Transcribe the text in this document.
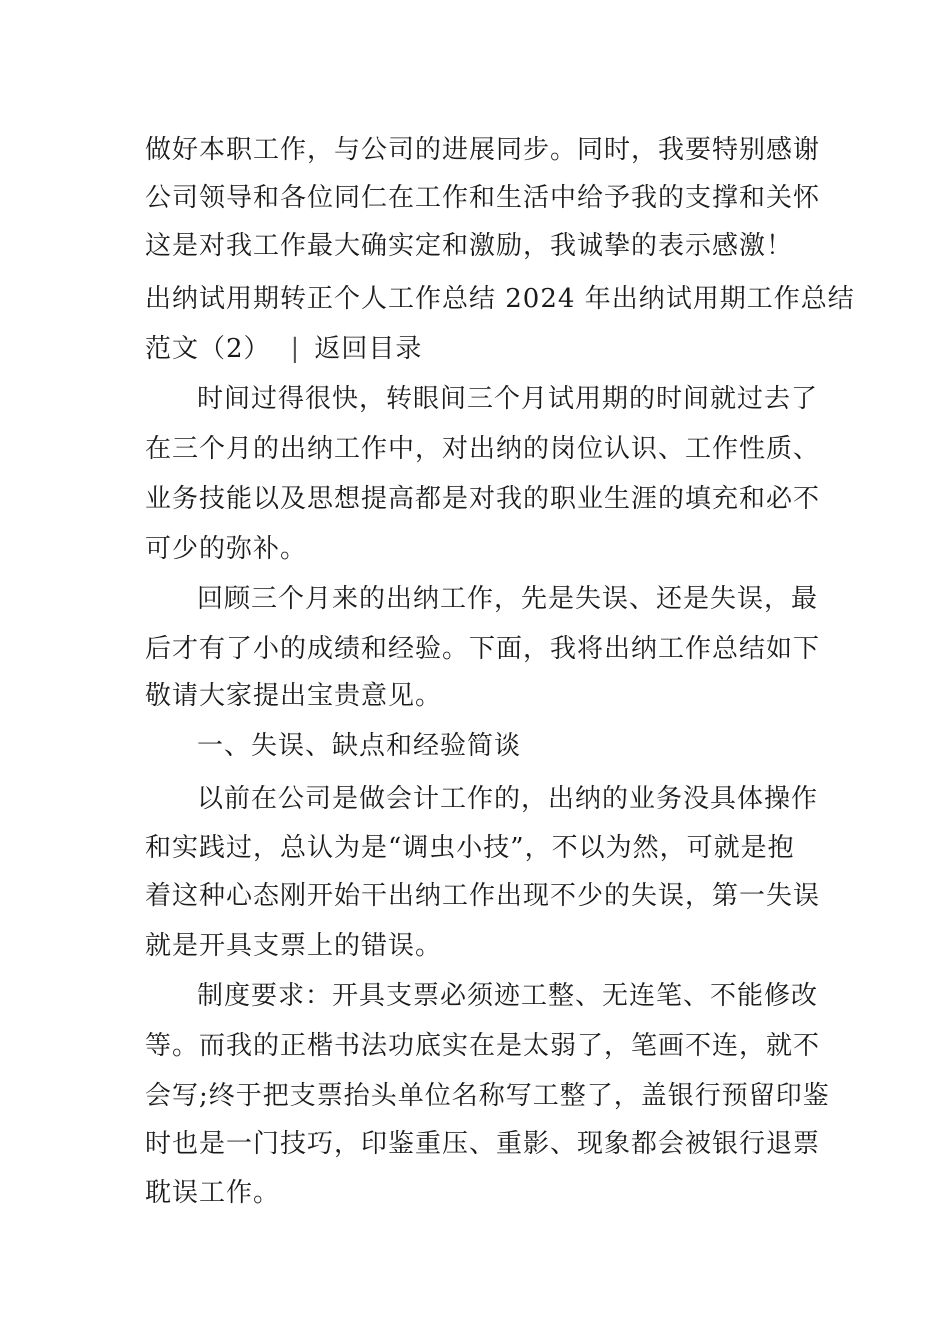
做好本职工作，与公司的进展同步。同时，我要特别感谢
公司领导和各位同仁在工作和生活中给予我的支撑和关怀
这是对我工作最大确实定和激励，我诚挚的表示感激！
出纳试用期转正个人工作总结 2024 年出纳试用期工作总结
范文（2） | 返回目录
时间过得很快，转眼间三个月试用期的时间就过去了
在三个月的出纳工作中，对出纳的岗位认识、工作性质、
业务技能以及思想提高都是对我的职业生涯的填充和必不
可少的弥补。
回顾三个月来的出纳工作，先是失误、还是失误，最
后才有了小的成绩和经验。下面，我将出纳工作总结如下
敬请大家提出宝贵意见。
一、失误、缺点和经验简谈
以前在公司是做会计工作的，出纳的业务没具体操作
和实践过，总认为是“调虫小技”，不以为然，可就是抱
着这种心态刚开始干出纳工作出现不少的失误，第一失误
就是开具支票上的错误。
制度要求：开具支票必须迹工整、无连笔、不能修改
等。而我的正楷书法功底实在是太弱了，笔画不连，就不
会写;终于把支票抬头单位名称写工整了，盖银行预留印鉴
时也是一门技巧，印鉴重压、重影、现象都会被银行退票
耽误工作。
